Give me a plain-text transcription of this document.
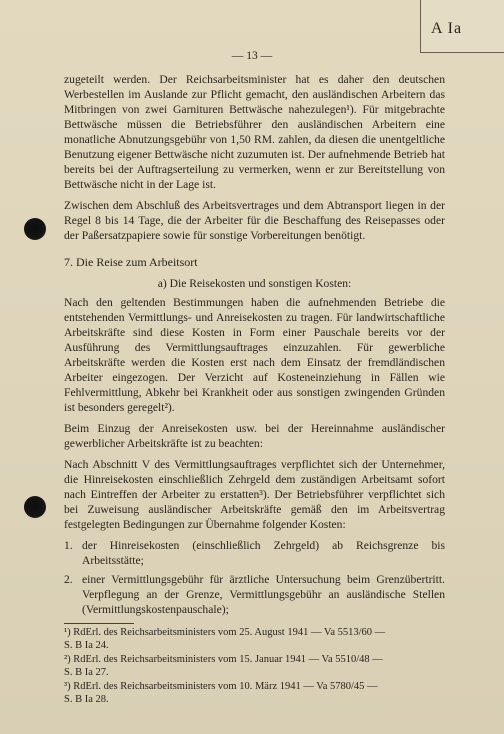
A Ia
— 13 —

zugeteilt werden. Der Reichsarbeitsminister hat es daher den deutschen Werbestellen im Auslande zur Pflicht gemacht, den ausländischen Arbeitern das Mitbringen von zwei Garnituren Bettwäsche nahezulegen¹). Für mitgebrachte Bettwäsche müssen die Betriebsführer den ausländischen Arbeitern eine monatliche Abnutzungsgebühr von 1,50 RM. zahlen, da diesen die unentgeltliche Benutzung eigener Bettwäsche nicht zuzumuten ist. Der aufnehmende Betrieb hat bereits bei der Auftragserteilung zu vermerken, wenn er zur Bereitstellung von Bettwäsche nicht in der Lage ist.

Zwischen dem Abschluß des Arbeitsvertrages und dem Abtransport liegen in der Regel 8 bis 14 Tage, die der Arbeiter für die Beschaffung des Reisepasses oder der Paßersatzpapiere sowie für sonstige Vorbereitungen benötigt.

7. Die Reise zum Arbeitsort
a) Die Reisekosten und sonstigen Kosten:

Nach den geltenden Bestimmungen haben die aufnehmenden Betriebe die entstehenden Vermittlungs- und Anreisekosten zu tragen. Für landwirtschaftliche Arbeitskräfte sind diese Kosten in Form einer Pauschale bereits vor der Ausführung des Vermittlungsauftrages einzuzahlen. Für gewerbliche Arbeitskräfte werden die Kosten erst nach dem Einsatz der fremdländischen Arbeiter eingezogen. Der Verzicht auf Kosteneinziehung in Fällen wie Fehlvermittlung, Abkehr bei Krankheit oder aus sonstigen zwingenden Gründen ist besonders geregelt²).

Beim Einzug der Anreisekosten usw. bei der Hereinnahme ausländischer gewerblicher Arbeitskräfte ist zu beachten:

Nach Abschnitt V des Vermittlungsauftrages verpflichtet sich der Unternehmer, die Hinreisekosten einschließlich Zehrgeld dem zuständigen Arbeitsamt sofort nach Eintreffen der Arbeiter zu erstatten³). Der Betriebsführer verpflichtet sich bei Zuweisung ausländischer Arbeitskräfte gemäß den im Arbeitsvertrag festgelegten Bedingungen zur Übernahme folgender Kosten:

1. der Hinreisekosten (einschließlich Zehrgeld) ab Reichsgrenze bis Arbeitsstätte;
2. einer Vermittlungsgebühr für ärztliche Untersuchung beim Grenzübertritt. Verpflegung an der Grenze, Vermittlungsgebühr an ausländische Stellen (Vermittlungskostenpauschale);
¹) RdErl. des Reichsarbeitsministers vom 25. August 1941 — Va 5513/60 —
S. B Ia 24.
²) RdErl. des Reichsarbeitsministers vom 15. Januar 1941 — Va 5510/48 —
S. B Ia 27.
³) RdErl. des Reichsarbeitsministers vom 10. März 1941 — Va 5780/45 —
S. B Ia 28.
